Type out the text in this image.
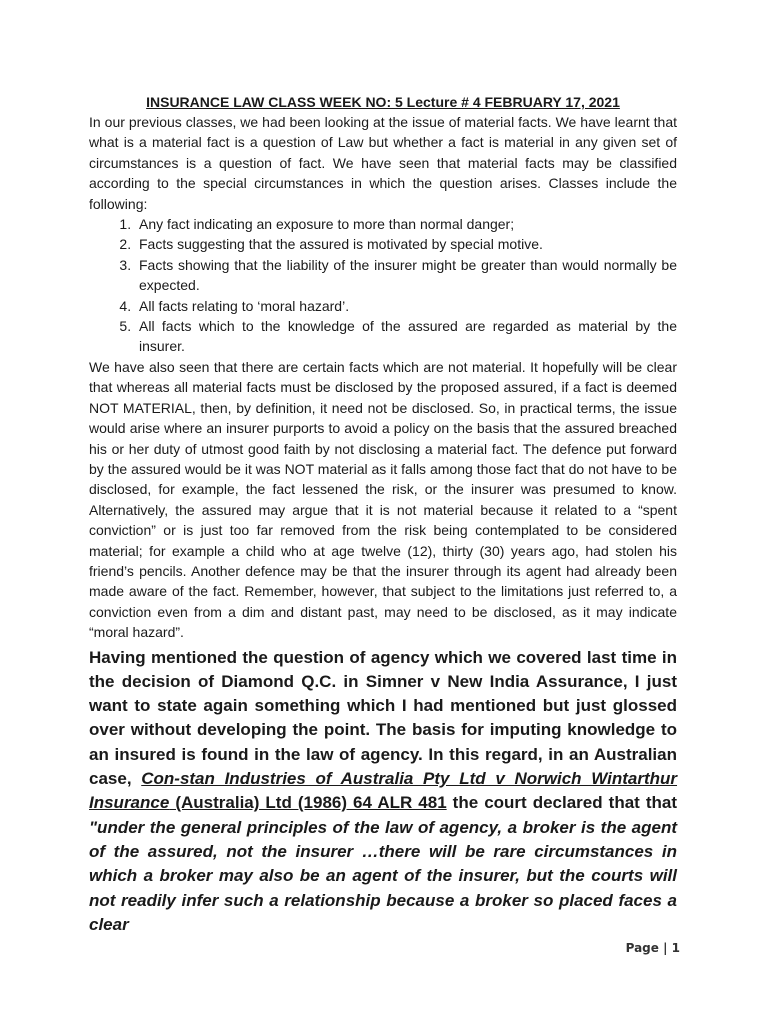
INSURANCE LAW CLASS WEEK NO: 5 Lecture # 4 FEBRUARY 17, 2021

In our previous classes, we had been looking at the issue of material facts. We have learnt that what is a material fact is a question of Law but whether a fact is material in any given set of circumstances is a question of fact. We have seen that material facts may be classified according to the special circumstances in which the question arises. Classes include the following:

1. Any fact indicating an exposure to more than normal danger;
2. Facts suggesting that the assured is motivated by special motive.
3. Facts showing that the liability of the insurer might be greater than would normally be expected.
4. All facts relating to ‘moral hazard’.
5. All facts which to the knowledge of the assured are regarded as material by the insurer.

We have also seen that there are certain facts which are not material. It hopefully will be clear that whereas all material facts must be disclosed by the proposed assured, if a fact is deemed NOT MATERIAL, then, by definition, it need not be disclosed. So, in practical terms, the issue would arise where an insurer purports to avoid a policy on the basis that the assured breached his or her duty of utmost good faith by not disclosing a material fact. The defence put forward by the assured would be it was NOT material as it falls among those fact that do not have to be disclosed, for example, the fact lessened the risk, or the insurer was presumed to know. Alternatively, the assured may argue that it is not material because it related to a “spent conviction” or is just too far removed from the risk being contemplated to be considered material; for example a child who at age twelve (12), thirty (30) years ago, had stolen his friend’s pencils. Another defence may be that the insurer through its agent had already been made aware of the fact. Remember, however, that subject to the limitations just referred to, a conviction even from a dim and distant past, may need to be disclosed, as it may indicate “moral hazard”.

Having mentioned the question of agency which we covered last time in the decision of Diamond Q.C. in Simner v New India Assurance, I just want to state again something which I had mentioned but just glossed over without developing the point. The basis for imputing knowledge to an insured is found in the law of agency. In this regard, in an Australian case, Con-stan Industries of Australia Pty Ltd v Norwich Wintarthur Insurance (Australia) Ltd (1986) 64 ALR 481 the court declared that that "under the general principles of the law of agency, a broker is the agent of the assured, not the insurer …there will be rare circumstances in which a broker may also be an agent of the insurer, but the courts will not readily infer such a relationship because a broker so placed faces a clear

Page | 1
